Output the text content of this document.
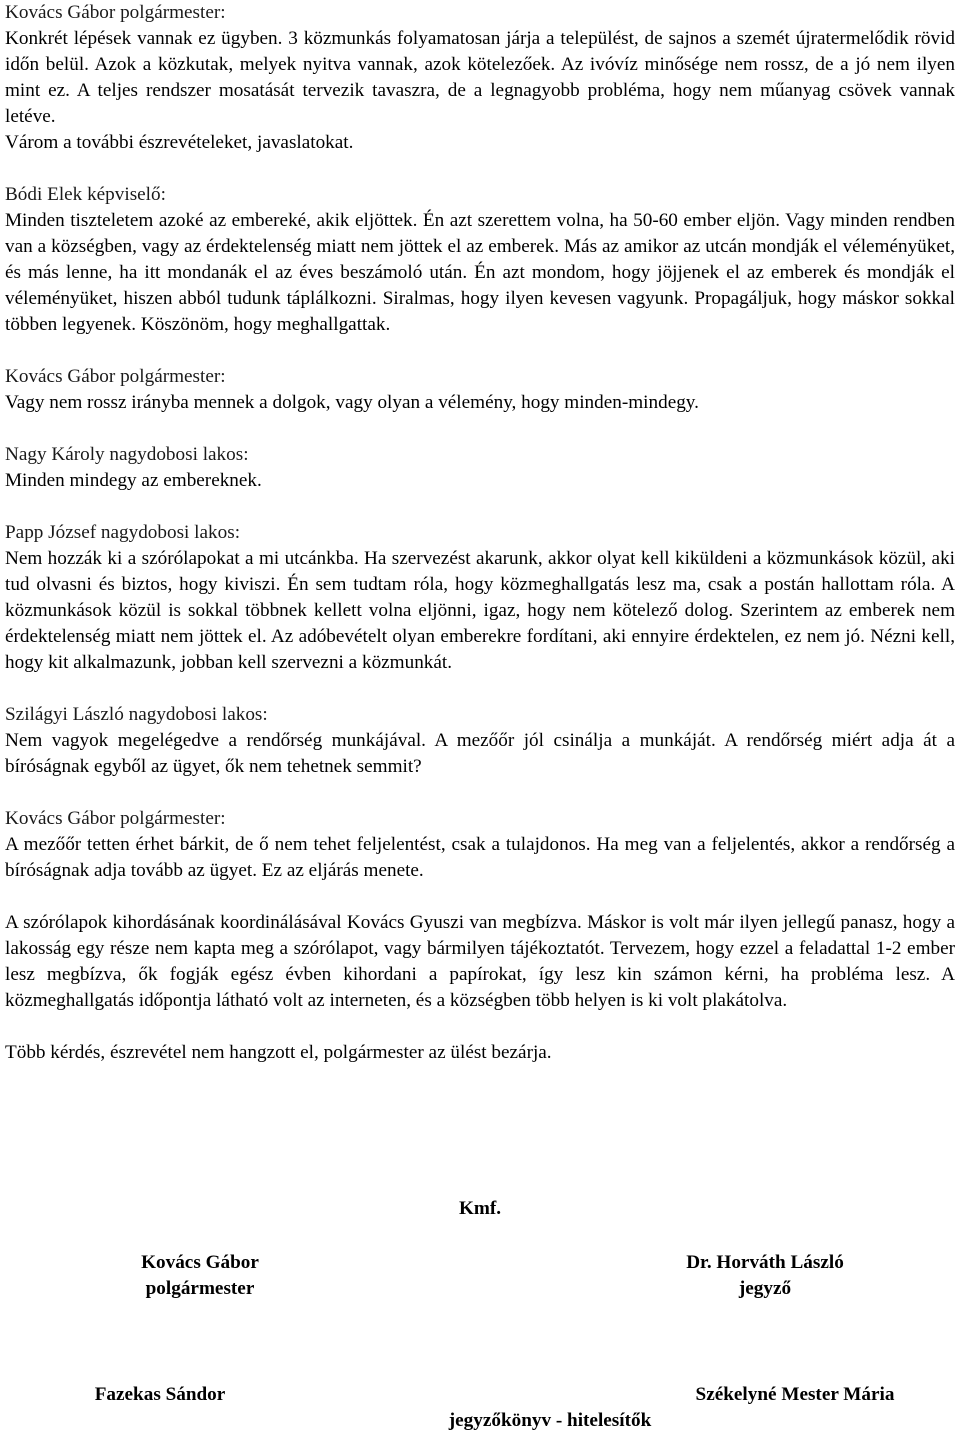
Kovács Gábor polgármester:
Konkrét lépések vannak ez ügyben. 3 közmunkás folyamatosan járja a települést, de sajnos a szemét újratermelődik rövid időn belül. Azok a közkutak, melyek nyitva vannak, azok kötelezőek. Az ivóvíz minősége nem rossz, de a jó nem ilyen mint ez. A teljes rendszer mosatását tervezik tavaszra, de a legnagyobb probléma, hogy nem műanyag csövek vannak letéve.
Várom a további észrevételeket, javaslatokat.
Bódi Elek képviselő:
Minden tiszteletem azoké az embereké, akik eljöttek. Én azt szerettem volna, ha 50-60 ember eljön. Vagy minden rendben van a községben, vagy az érdektelenség miatt nem jöttek el az emberek. Más az amikor az utcán mondják el véleményüket, és más lenne, ha itt mondanák el az éves beszámoló után. Én azt mondom, hogy jöjjenek el az emberek és mondják el véleményüket, hiszen abból tudunk táplálkozni. Siralmas, hogy ilyen kevesen vagyunk. Propagáljuk, hogy máskor sokkal többen legyenek. Köszönöm, hogy meghallgattak.
Kovács Gábor polgármester:
Vagy nem rossz irányba mennek a dolgok, vagy olyan a vélemény, hogy minden-mindegy.
Nagy Károly nagydobosi lakos:
Minden mindegy az embereknek.
Papp József nagydobosi lakos:
Nem hozzák ki a szórólapokat a mi utcánkba. Ha szervezést akarunk, akkor olyat kell kiküldeni a közmunkások közül, aki tud olvasni és biztos, hogy kiviszi. Én sem tudtam róla, hogy közmeghallgatás lesz ma, csak a postán hallottam róla. A közmunkások közül is sokkal többnek kellett volna eljönni, igaz, hogy nem kötelező dolog. Szerintem az emberek nem érdektelenség miatt nem jöttek el. Az adóbevételt olyan emberekre fordítani, aki ennyire érdektelen, ez nem jó. Nézni kell, hogy kit alkalmazunk, jobban kell szervezni a közmunkát.
Szilágyi László nagydobosi lakos:
Nem vagyok megelégedve a rendőrség munkájával. A mezőőr jól csinálja a munkáját. A rendőrség miért adja át a bíróságnak egyből az ügyet, ők nem tehetnek semmit?
Kovács Gábor polgármester:
A mezőőr tetten érhet bárkit, de ő nem tehet feljelentést, csak a tulajdonos. Ha meg van a feljelentés, akkor a rendőrség a bíróságnak adja tovább az ügyet. Ez az eljárás menete.
A szórólapok kihordásának koordinálásával Kovács Gyuszi van megbízva. Máskor is volt már ilyen jellegű panasz, hogy a lakosság egy része nem kapta meg a szórólapot, vagy bármilyen tájékoztatót. Tervezem, hogy ezzel a feladattal 1-2 ember lesz megbízva, ők fogják egész évben kihordani a papírokat, így lesz kin számon kérni, ha probléma lesz. A közmeghallgatás időpontja látható volt az interneten, és a községben több helyen is ki volt plakátolva.
Több kérdés, észrevétel nem hangzott el, polgármester az ülést bezárja.
Kmf.
Kovács Gábor
polgármester
Dr. Horváth László
jegyző
Fazekas Sándor	Székelyné Mester Mária
jegyzőkönyv - hitelesítők
